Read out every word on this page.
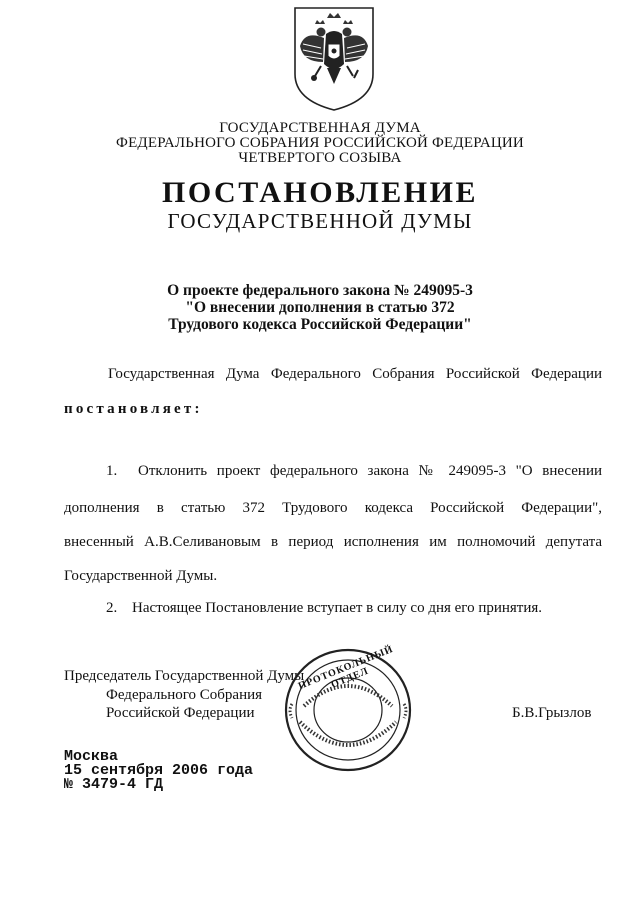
ГОСУДАРСТВЕННАЯ ДУМА
ФЕДЕРАЛЬНОГО СОБРАНИЯ РОССИЙСКОЙ ФЕДЕРАЦИИ
ЧЕТВЕРТОГО СОЗЫВА
ПОСТАНОВЛЕНИЕ
ГОСУДАРСТВЕННОЙ ДУМЫ
О проекте федерального закона № 249095-3
"О внесении дополнения в статью 372
Трудового кодекса Российской Федерации"
Государственная Дума Федерального Собрания Российской Федерации
постановляет:
1. Отклонить проект федерального закона № 249095-3 "О внесении
дополнения в статью 372 Трудового кодекса Российской Федерации",
внесенный А.В.Селивановым в период исполнения им полномочий депутата
Государственной Думы.
2. Настоящее Постановление вступает в силу со дня его принятия.
Председатель Государственной Думы
Федерального Собрания
Российской Федерации	Б.В.Грызлов
ПРОТОКОЛЬНЫЙ ОТДЕЛ
Москва
15 сентября 2006 года
№ 3479-4 ГД
